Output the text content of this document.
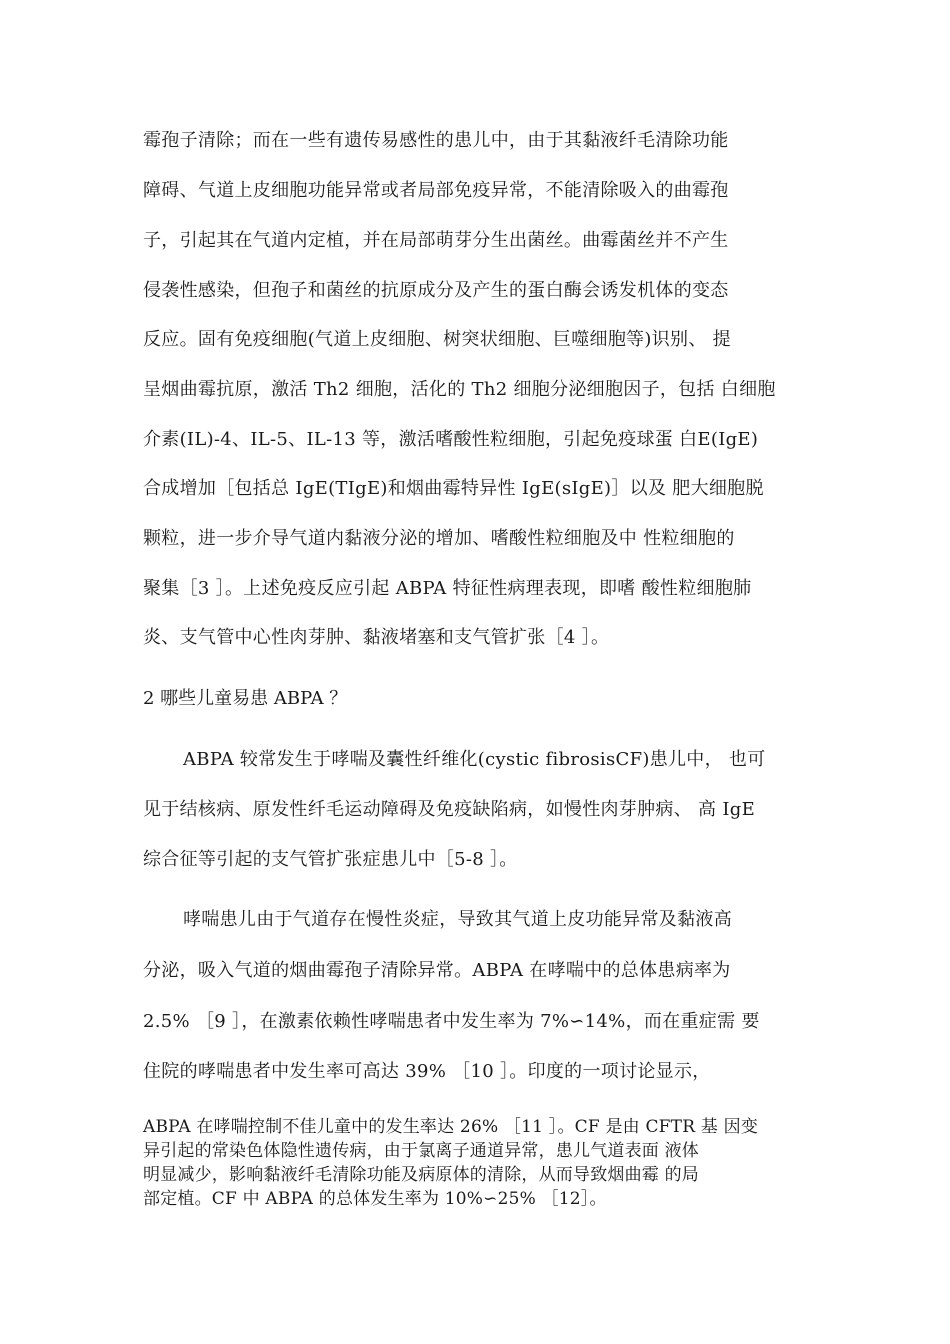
霉孢子清除；而在一些有遗传易感性的患儿中，由于其黏液纤毛清除功能
障碍、气道上皮细胞功能异常或者局部免疫异常，不能清除吸入的曲霉孢
子，引起其在气道内定植，并在局部萌芽分生出菌丝。曲霉菌丝并不产生
侵袭性感染，但孢子和菌丝的抗原成分及产生的蛋白酶会诱发机体的变态
反应。固有免疫细胞(气道上皮细胞、树突状细胞、巨噬细胞等)识别、 提
呈烟曲霉抗原，激活 Th2 细胞，活化的 Th2 细胞分泌细胞因子，包括 白细胞
介素(IL)-4、IL-5、IL-13 等，激活嗜酸性粒细胞，引起免疫球蛋 白E(IgE)
合成增加［包括总 IgE(TIgE)和烟曲霉特异性 IgE(sIgE)］以及 肥大细胞脱
颗粒，进一步介导气道内黏液分泌的增加、嗜酸性粒细胞及中 性粒细胞的
聚集［3 ］。上述免疫反应引起 ABPA 特征性病理表现，即嗜 酸性粒细胞肺
炎、支气管中心性肉芽肿、黏液堵塞和支气管扩张［4 ］。
2 哪些儿童易患 ABPA ？
ABPA 较常发生于哮喘及囊性纤维化(cystic fibrosisCF)患儿中， 也可
见于结核病、原发性纤毛运动障碍及免疫缺陷病，如慢性肉芽肿病、 高 IgE
综合征等引起的支气管扩张症患儿中［5-8 ］。
哮喘患儿由于气道存在慢性炎症，导致其气道上皮功能异常及黏液高
分泌，吸入气道的烟曲霉孢子清除异常。ABPA 在哮喘中的总体患病率为
2.5% ［9 ］，在激素依赖性哮喘患者中发生率为 7%∽14%，而在重症需 要
住院的哮喘患者中发生率可高达 39% ［10 ］。印度的一项讨论显示，
ABPA 在哮喘控制不佳儿童中的发生率达 26% ［11 ］。CF 是由 CFTR 基 因变
异引起的常染色体隐性遗传病，由于氯离子通道异常，患儿气道表面 液体
明显减少，影响黏液纤毛清除功能及病原体的清除，从而导致烟曲霉 的局
部定植。CF 中 ABPA 的总体发生率为 10%∽25% ［12］。
